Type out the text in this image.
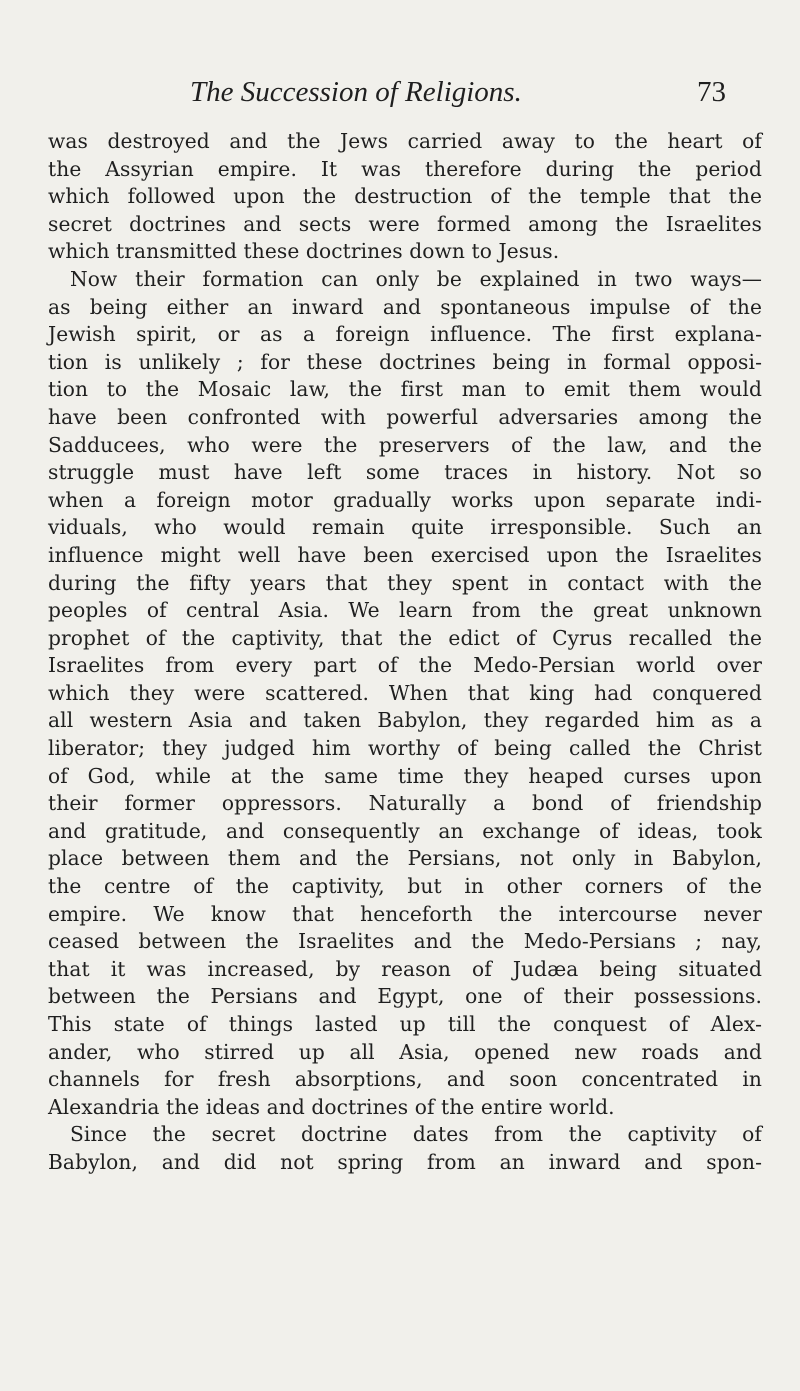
The Succession of Religions.	73
was destroyed and the Jews carried away to the heart of
the Assyrian empire. It was therefore during the period
which followed upon the destruction of the temple that the
secret doctrines and sects were formed among the Israelites
which transmitted these doctrines down to Jesus.
Now their formation can only be explained in two ways—
as being either an inward and spontaneous impulse of the
Jewish spirit, or as a foreign influence. The first explana-
tion is unlikely ; for these doctrines being in formal opposi-
tion to the Mosaic law, the first man to emit them would
have been confronted with powerful adversaries among the
Sadducees, who were the preservers of the law, and the
struggle must have left some traces in history. Not so
when a foreign motor gradually works upon separate indi-
viduals, who would remain quite irresponsible. Such an
influence might well have been exercised upon the Israelites
during the fifty years that they spent in contact with the
peoples of central Asia. We learn from the great unknown
prophet of the captivity, that the edict of Cyrus recalled the
Israelites from every part of the Medo-Persian world over
which they were scattered. When that king had conquered
all western Asia and taken Babylon, they regarded him as a
liberator; they judged him worthy of being called the Christ
of God, while at the same time they heaped curses upon
their former oppressors. Naturally a bond of friendship
and gratitude, and consequently an exchange of ideas, took
place between them and the Persians, not only in Babylon,
the centre of the captivity, but in other corners of the
empire. We know that henceforth the intercourse never
ceased between the Israelites and the Medo-Persians ; nay,
that it was increased, by reason of Judæa being situated
between the Persians and Egypt, one of their possessions.
This state of things lasted up till the conquest of Alex-
ander, who stirred up all Asia, opened new roads and
channels for fresh absorptions, and soon concentrated in
Alexandria the ideas and doctrines of the entire world.
Since the secret doctrine dates from the captivity of
Babylon, and did not spring from an inward and spon-
